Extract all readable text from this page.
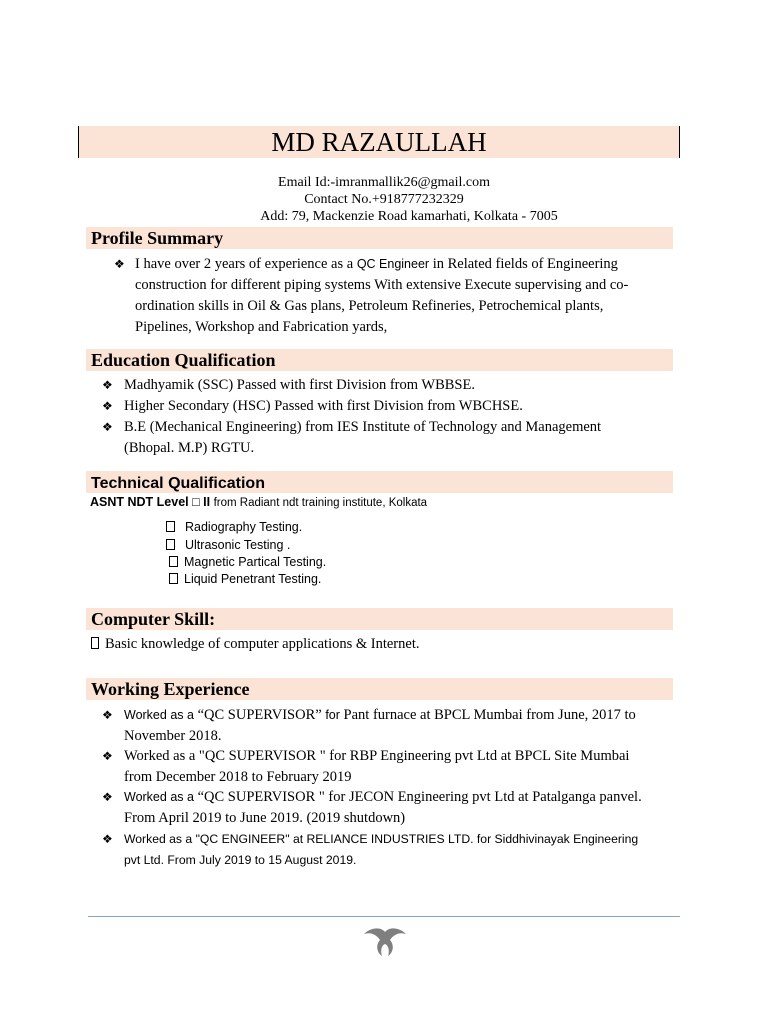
MD RAZAULLAH
Email Id:-imranmallik26@gmail.com
Contact No.+918777232329
Add: 79, Mackenzie Road kamarhati, Kolkata - 7005
Profile Summary
❖ I have over 2 years of experience as a QC Engineer in Related fields of Engineering
construction for different piping systems With extensive Execute supervising and co-
ordination skills in Oil & Gas plans, Petroleum Refineries, Petrochemical plants,
Pipelines, Workshop and Fabrication yards,
Education Qualification
❖ Madhyamik (SSC) Passed with first Division from WBBSE.
❖ Higher Secondary (HSC) Passed with first Division from WBCHSE.
❖ B.E (Mechanical Engineering) from IES Institute of Technology and Management
(Bhopal. M.P) RGTU.
Technical Qualification
ASNT NDT Level □ II from Radiant ndt training institute, Kolkata
Radiography Testing.
Ultrasonic Testing .
Magnetic Partical Testing.
Liquid Penetrant Testing.
Computer Skill:
Basic knowledge of computer applications & Internet.
Working Experience
❖ Worked as a “QC SUPERVISOR” for Pant furnace at BPCL Mumbai from June, 2017 to
November 2018.
❖ Worked as a "QC SUPERVISOR " for RBP Engineering pvt Ltd at BPCL Site Mumbai
from December 2018 to February 2019
❖ Worked as a “QC SUPERVISOR " for JECON Engineering pvt Ltd at Patalganga panvel.
From April 2019 to June 2019. (2019 shutdown)
❖ Worked as a "QC ENGINEER" at RELIANCE INDUSTRIES LTD. for Siddhivinayak Engineering
pvt Ltd. From July 2019 to 15 August 2019.
